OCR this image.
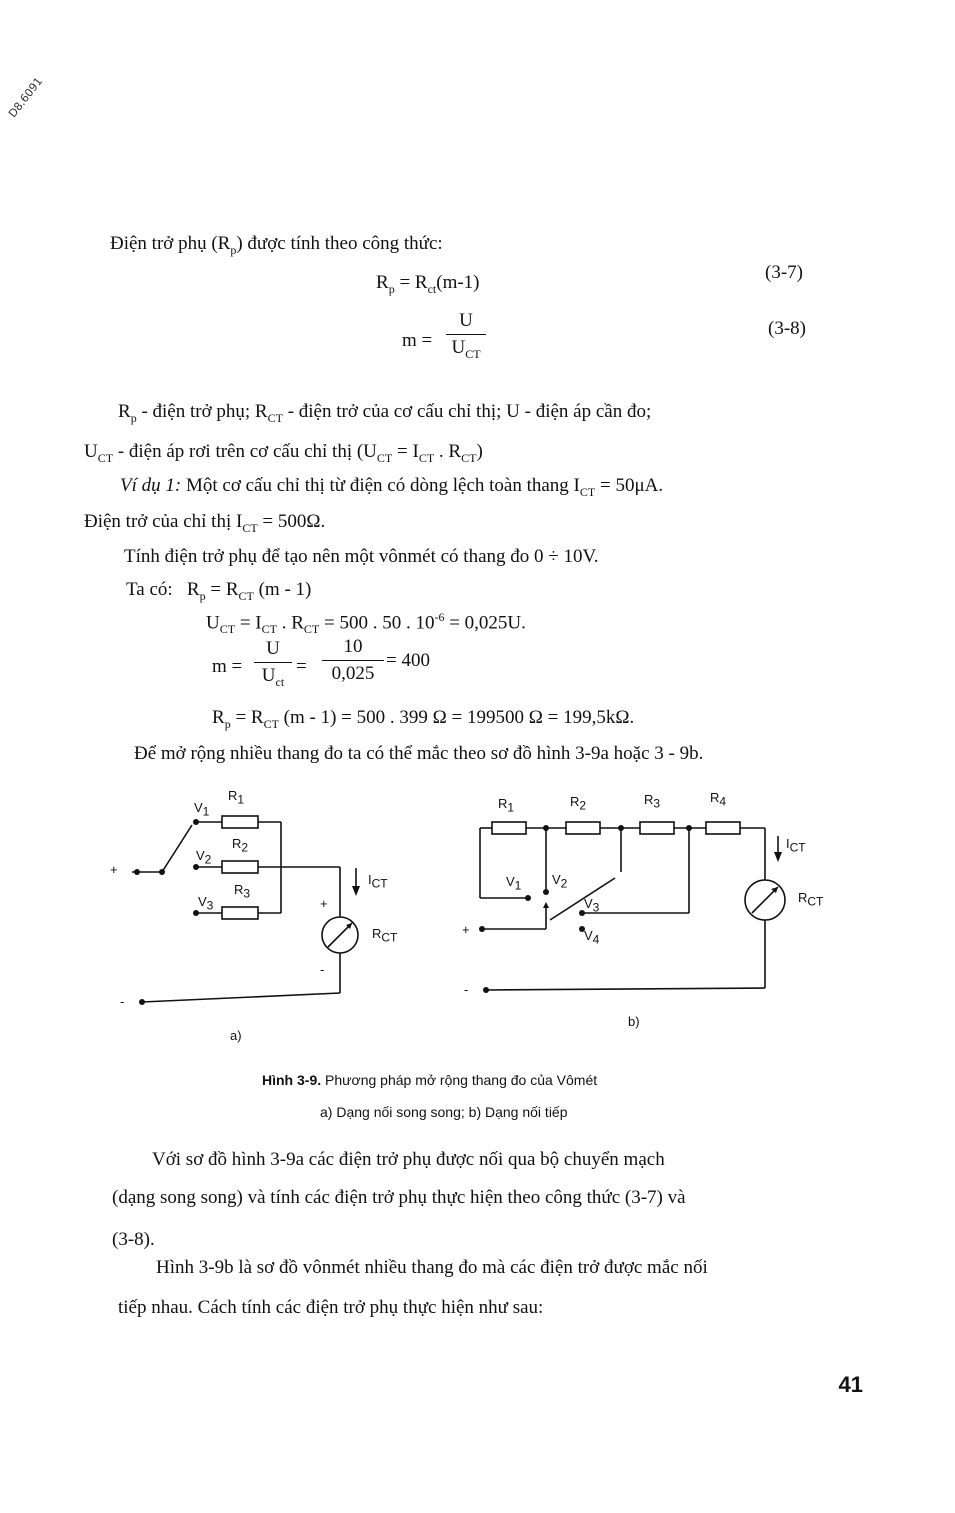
D8.6091
Điện trở phụ $(R_p)$ được tính theo công thức:
$R_p = R_{ct}(m-1)$	(3-7)
m =
U
$U_{CT}$
(3-8)
$R_p$ - điện trở phụ; $R_{CT}$ - điện trở của cơ cấu chỉ thị; U - điện áp cần đo;
$U_{CT}$ - điện áp rơi trên cơ cấu chỉ thị ($U_{CT} = I_{CT}$ . $R_{CT}$)
Ví dụ 1: Một cơ cấu chỉ thị từ điện có dòng lệch toàn thang $I_{CT} = 50\mu A$.
Điện trở của chỉ thị $I_{CT} = 500\Omega$.
Tính điện trở phụ để tạo nên một vônmét có thang đo 0 ÷ 10V.
Ta có:   $R_p = R_{CT}$ (m - 1)
$U_{CT} = I_{CT}$ . $R_{CT} = 500$ . 50 . $10^{-6} = 0,025U$.
m =
U
$U_{ct}$
=
10
0,025
= 400
$R_p = R_{CT}$ (m - 1) = 500 . 399 Ω = 199500 Ω = 199,5kΩ.
Để mở rộng nhiều thang đo ta có thể mắc theo sơ đồ hình 3-9a hoặc 3 - 9b.
+
-
$V_1$
$R_1$
$V_2$
$R_2$
$V_3$
$R_3$
$I_{CT}$
+
-
$R_{CT}$
a)
$R_1$	$R_2$	$R_3$	$R_4$
$V_1$ $V_2$
$V_3$
$V_4$
+
-
$I_{CT}$
$R_{CT}$
b)
Hình 3-9. Phương pháp mở rộng thang đo của Vômét
a) Dạng nối song song; b) Dạng nối tiếp
Với sơ đồ hình 3-9a các điện trở phụ được nối qua bộ chuyển mạch
(dạng song song) và tính các điện trở phụ thực hiện theo công thức (3-7) và
(3-8).
Hình 3-9b là sơ đồ vônmét nhiều thang đo mà các điện trở được mắc nối
tiếp nhau. Cách tính các điện trở phụ thực hiện như sau:
41
